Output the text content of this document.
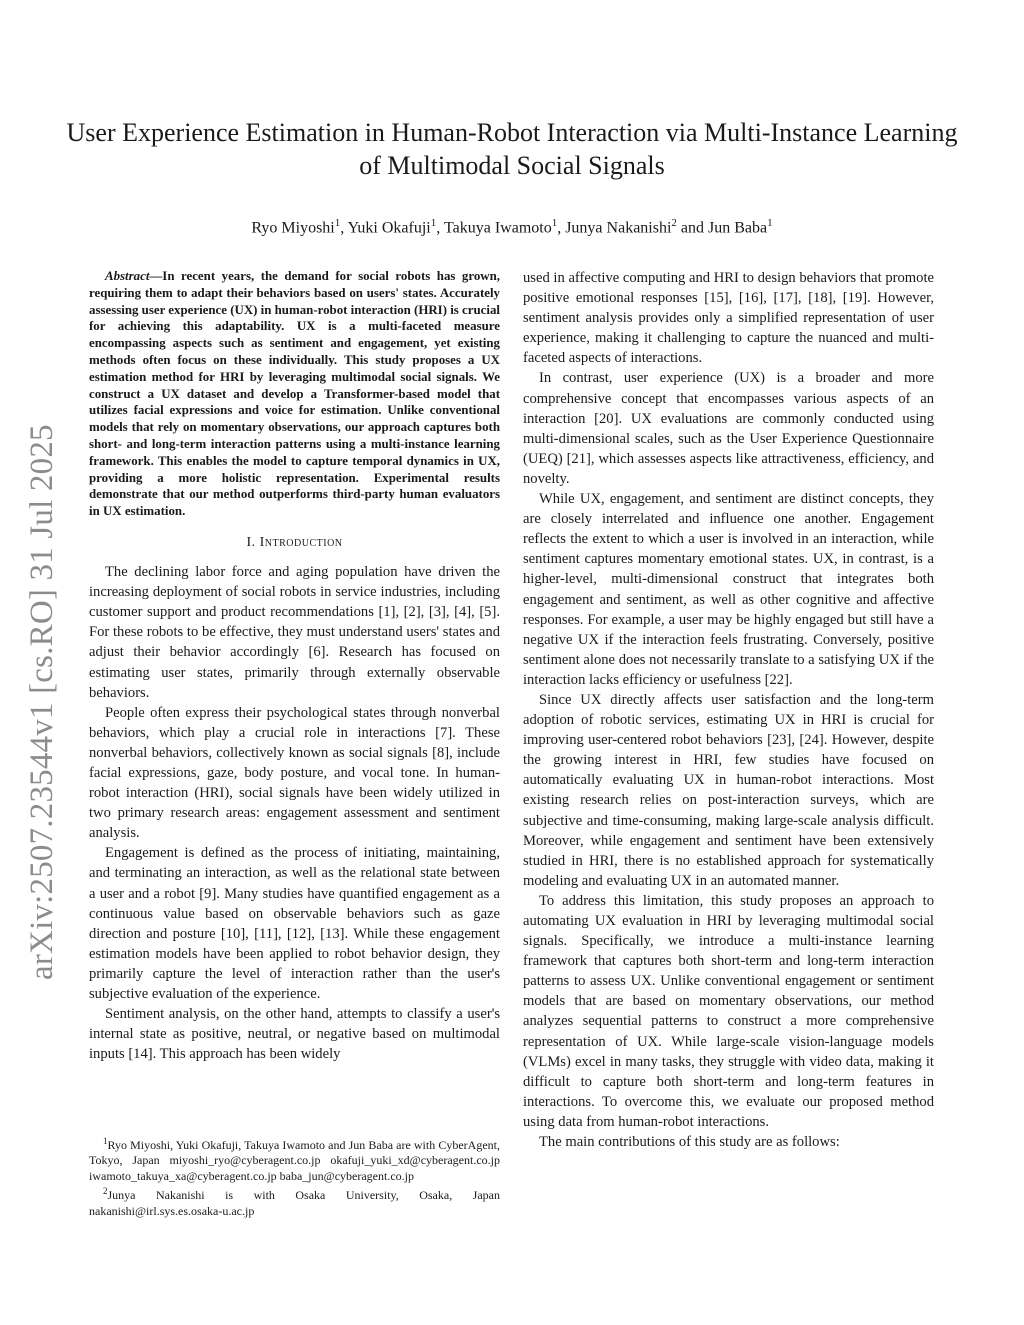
arXiv:2507.23544v1 [cs.RO] 31 Jul 2025
User Experience Estimation in Human-Robot Interaction via Multi-Instance Learning of Multimodal Social Signals
Ryo Miyoshi$^1$, Yuki Okafuji$^1$, Takuya Iwamoto$^1$, Junya Nakanishi$^2$ and Jun Baba$^1$

Abstract—In recent years, the demand for social robots has grown, requiring them to adapt their behaviors based on users' states. Accurately assessing user experience (UX) in human-robot interaction (HRI) is crucial for achieving this adaptability. UX is a multi-faceted measure encompassing aspects such as sentiment and engagement, yet existing methods often focus on these individually. This study proposes a UX estimation method for HRI by leveraging multimodal social signals. We construct a UX dataset and develop a Transformer-based model that utilizes facial expressions and voice for estimation. Unlike conventional models that rely on momentary observations, our approach captures both short- and long-term interaction patterns using a multi-instance learning framework. This enables the model to capture temporal dynamics in UX, providing a more holistic representation. Experimental results demonstrate that our method outperforms third-party human evaluators in UX estimation.

I. Introduction

The declining labor force and aging population have driven the increasing deployment of social robots in service industries, including customer support and product recommendations [1], [2], [3], [4], [5]. For these robots to be effective, they must understand users' states and adjust their behavior accordingly [6]. Research has focused on estimating user states, primarily through externally observable behaviors.

People often express their psychological states through nonverbal behaviors, which play a crucial role in interactions [7]. These nonverbal behaviors, collectively known as social signals [8], include facial expressions, gaze, body posture, and vocal tone. In human-robot interaction (HRI), social signals have been widely utilized in two primary research areas: engagement assessment and sentiment analysis.

Engagement is defined as the process of initiating, maintaining, and terminating an interaction, as well as the relational state between a user and a robot [9]. Many studies have quantified engagement as a continuous value based on observable behaviors such as gaze direction and posture [10], [11], [12], [13]. While these engagement estimation models have been applied to robot behavior design, they primarily capture the level of interaction rather than the user's subjective evaluation of the experience.

Sentiment analysis, on the other hand, attempts to classify a user's internal state as positive, neutral, or negative based on multimodal inputs [14]. This approach has been widely

$^1$Ryo Miyoshi, Yuki Okafuji, Takuya Iwamoto and Jun Baba are with CyberAgent, Tokyo, Japan miyoshi_ryo@cyberagent.co.jp okafuji_yuki_xd@cyberagent.co.jp iwamoto_takuya_xa@cyberagent.co.jp baba_jun@cyberagent.co.jp

$^2$Junya Nakanishi is with Osaka University, Osaka, Japan nakanishi@irl.sys.es.osaka-u.ac.jp

used in affective computing and HRI to design behaviors that promote positive emotional responses [15], [16], [17], [18], [19]. However, sentiment analysis provides only a simplified representation of user experience, making it challenging to capture the nuanced and multi-faceted aspects of interactions.

In contrast, user experience (UX) is a broader and more comprehensive concept that encompasses various aspects of an interaction [20]. UX evaluations are commonly conducted using multi-dimensional scales, such as the User Experience Questionnaire (UEQ) [21], which assesses aspects like attractiveness, efficiency, and novelty.

While UX, engagement, and sentiment are distinct concepts, they are closely interrelated and influence one another. Engagement reflects the extent to which a user is involved in an interaction, while sentiment captures momentary emotional states. UX, in contrast, is a higher-level, multi-dimensional construct that integrates both engagement and sentiment, as well as other cognitive and affective responses. For example, a user may be highly engaged but still have a negative UX if the interaction feels frustrating. Conversely, positive sentiment alone does not necessarily translate to a satisfying UX if the interaction lacks efficiency or usefulness [22].

Since UX directly affects user satisfaction and the long-term adoption of robotic services, estimating UX in HRI is crucial for improving user-centered robot behaviors [23], [24]. However, despite the growing interest in HRI, few studies have focused on automatically evaluating UX in human-robot interactions. Most existing research relies on post-interaction surveys, which are subjective and time-consuming, making large-scale analysis difficult. Moreover, while engagement and sentiment have been extensively studied in HRI, there is no established approach for systematically modeling and evaluating UX in an automated manner.

To address this limitation, this study proposes an approach to automating UX evaluation in HRI by leveraging multimodal social signals. Specifically, we introduce a multi-instance learning framework that captures both short-term and long-term interaction patterns to assess UX. Unlike conventional engagement or sentiment models that are based on momentary observations, our method analyzes sequential patterns to construct a more comprehensive representation of UX. While large-scale vision-language models (VLMs) excel in many tasks, they struggle with video data, making it difficult to capture both short-term and long-term features in interactions. To overcome this, we evaluate our proposed method using data from human-robot interactions.

The main contributions of this study are as follows:
